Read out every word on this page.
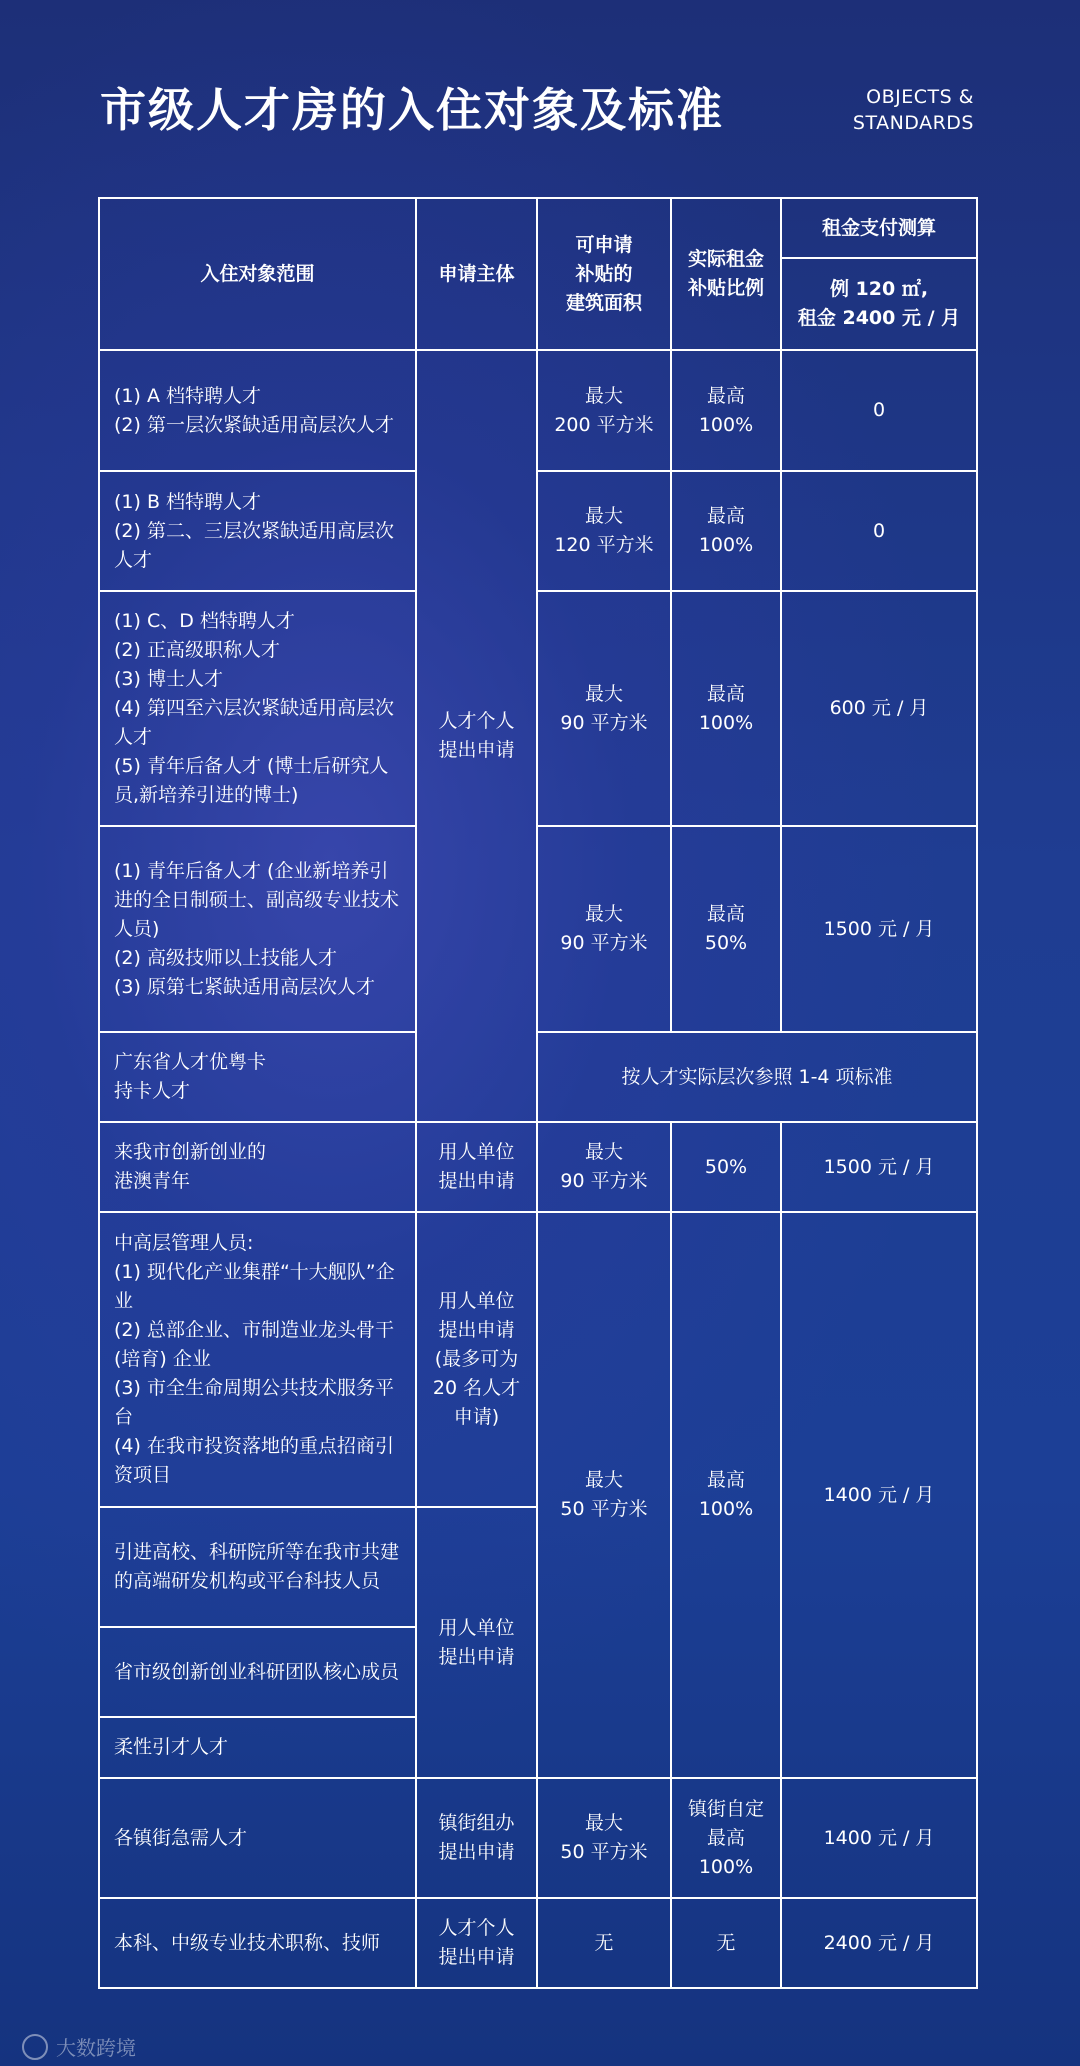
市级人才房的入住对象及标准	OBJECTS &
STANDARDS
入住对象范围	申请主体	可申请
补贴的
建筑面积	实际租金
补贴比例	租金支付测算

				例 120 ㎡,
租金 2400 元 / 月

(1) A 档特聘人才
(2) 第一层次紧缺适用高层次人才	人才个人
提出申请	最大
200 平方米	最高
100%	0

(1) B 档特聘人才
(2) 第二、三层次紧缺适用高层次人才		最大
120 平方米	最高
100%	0

(1) C、D 档特聘人才
(2) 正高级职称人才
(3) 博士人才
(4) 第四至六层次紧缺适用高层次人才
(5) 青年后备人才 (博士后研究人员,新培养引进的博士)		最大
90 平方米	最高
100%	600 元 / 月

(1) 青年后备人才 (企业新培养引进的全日制硕士、副高级专业技术人员)
(2) 高级技师以上技能人才
(3) 原第七紧缺适用高层次人才		最大
90 平方米	最高
50%	1500 元 / 月

广东省人才优粤卡
持卡人才		按人才实际层次参照 1-4 项标准		

来我市创新创业的
港澳青年	用人单位
提出申请	最大
90 平方米	50%	1500 元 / 月

中高层管理人员:
(1) 现代化产业集群“十大舰队”企业
(2) 总部企业、市制造业龙头骨干 (培育) 企业
(3) 市全生命周期公共技术服务平台
(4) 在我市投资落地的重点招商引资项目	用人单位
提出申请
(最多可为
20 名人才
申请)	最大
50 平方米	最高
100%	1400 元 / 月
引进高校、科研院所等在我市共建的高端研发机构或平台科技人员	用人单位
提出申请			

省市级创新创业科研团队核心成员				
柔性引才人才				
各镇街急需人才	镇街组办
提出申请	最大
50 平方米	镇街自定
最高
100%	1400 元 / 月
本科、中级专业技术职称、技师	人才个人
提出申请	无	无	2400 元 / 月
大数跨境
